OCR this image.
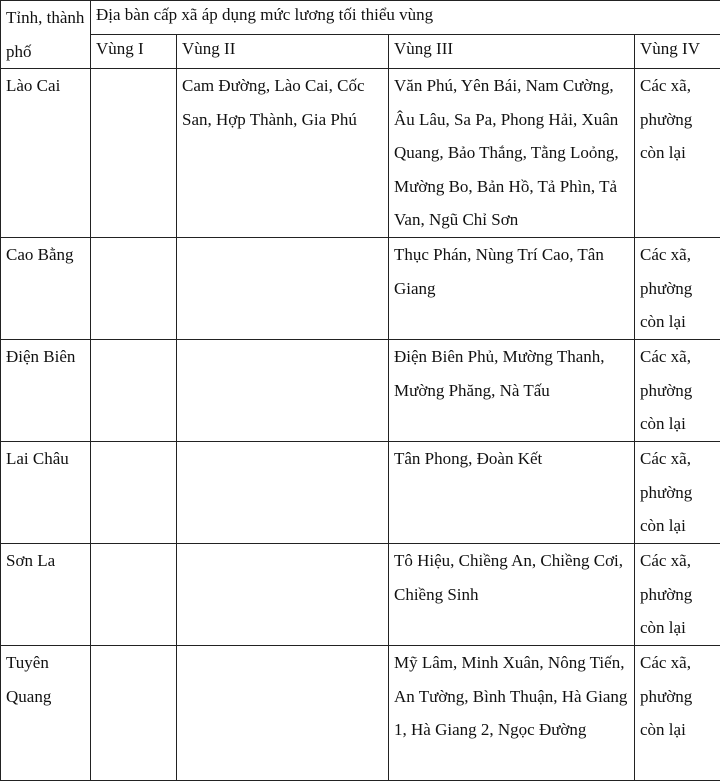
Tỉnh, thành phố	Địa bàn cấp xã áp dụng mức lương tối thiểu vùng			
	Vùng I	Vùng II	Vùng III	Vùng IV
Lào Cai		Cam Đường, Lào Cai, Cốc San, Hợp Thành, Gia Phú	Văn Phú, Yên Bái, Nam Cường, Âu Lâu, Sa Pa, Phong Hải, Xuân Quang, Bảo Thắng, Tằng Loỏng, Mường Bo, Bản Hồ, Tả Phìn, Tả Van, Ngũ Chỉ Sơn	Các xã, phường còn lại
Cao Bằng			Thục Phán, Nùng Trí Cao, Tân Giang	Các xã, phường còn lại
Điện Biên			Điện Biên Phủ, Mường Thanh, Mường Phăng, Nà Tấu	Các xã, phường còn lại
Lai Châu			Tân Phong, Đoàn Kết	Các xã, phường còn lại
Sơn La			Tô Hiệu, Chiềng An, Chiềng Cơi, Chiềng Sinh	Các xã, phường còn lại
Tuyên Quang			Mỹ Lâm, Minh Xuân, Nông Tiến, An Tường, Bình Thuận, Hà Giang 1, Hà Giang 2, Ngọc Đường	Các xã, phường còn lại
